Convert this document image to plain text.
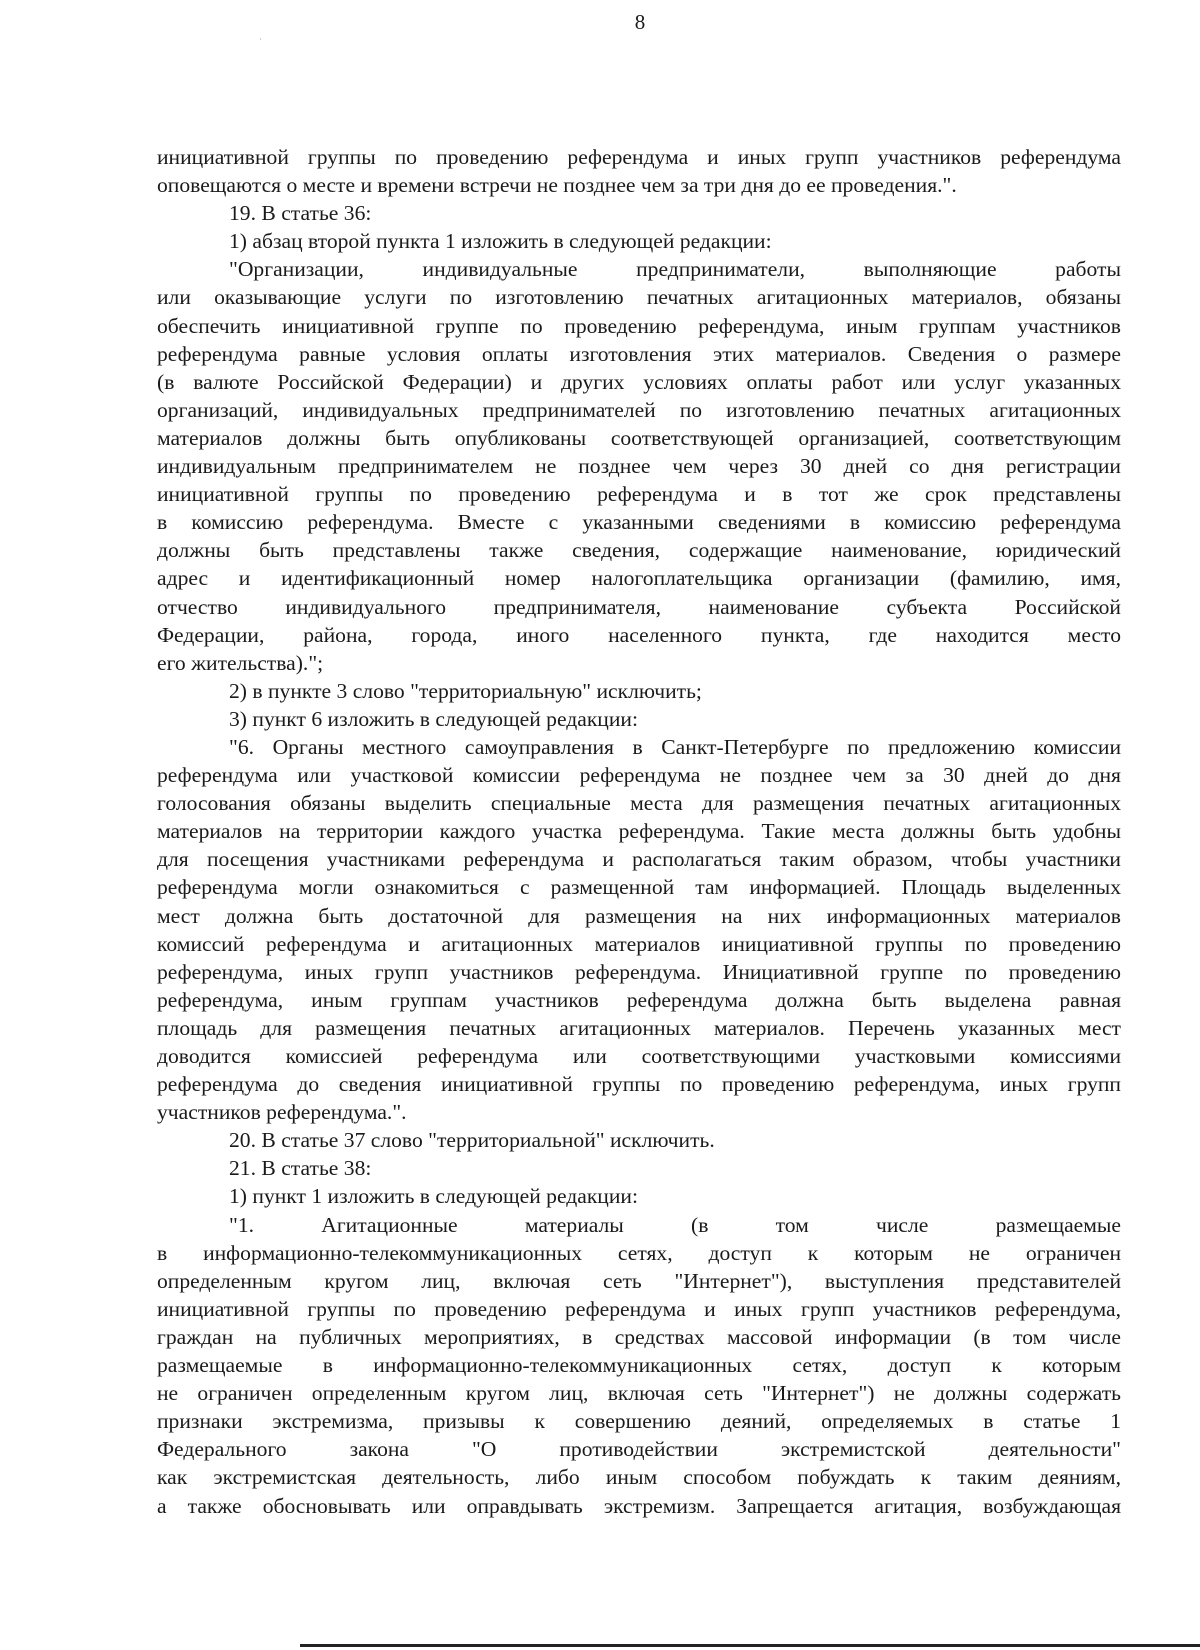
8
инициативной группы по проведению референдума и иных групп участников референдума
оповещаются о месте и времени встречи не позднее чем за три дня до ее проведения.".
19. В статье 36:
1) абзац второй пункта 1 изложить в следующей редакции:
"Организации, индивидуальные предприниматели, выполняющие работы
или оказывающие услуги по изготовлению печатных агитационных материалов, обязаны
обеспечить инициативной группе по проведению референдума, иным группам участников
референдума равные условия оплаты изготовления этих материалов. Сведения о размере
(в валюте Российской Федерации) и других условиях оплаты работ или услуг указанных
организаций, индивидуальных предпринимателей по изготовлению печатных агитационных
материалов должны быть опубликованы соответствующей организацией, соответствующим
индивидуальным предпринимателем не позднее чем через 30 дней со дня регистрации
инициативной группы по проведению референдума и в тот же срок представлены
в комиссию референдума. Вместе с указанными сведениями в комиссию референдума
должны быть представлены также сведения, содержащие наименование, юридический
адрес и идентификационный номер налогоплательщика организации (фамилию, имя,
отчество индивидуального предпринимателя, наименование субъекта Российской
Федерации, района, города, иного населенного пункта, где находится место
его жительства).";
2) в пункте 3 слово "территориальную" исключить;
3) пункт 6 изложить в следующей редакции:
"6. Органы местного самоуправления в Санкт-Петербурге по предложению комиссии
референдума или участковой комиссии референдума не позднее чем за 30 дней до дня
голосования обязаны выделить специальные места для размещения печатных агитационных
материалов на территории каждого участка референдума. Такие места должны быть удобны
для посещения участниками референдума и располагаться таким образом, чтобы участники
референдума могли ознакомиться с размещенной там информацией. Площадь выделенных
мест должна быть достаточной для размещения на них информационных материалов
комиссий референдума и агитационных материалов инициативной группы по проведению
референдума, иных групп участников референдума. Инициативной группе по проведению
референдума, иным группам участников референдума должна быть выделена равная
площадь для размещения печатных агитационных материалов. Перечень указанных мест
доводится комиссией референдума или соответствующими участковыми комиссиями
референдума до сведения инициативной группы по проведению референдума, иных групп
участников референдума.".
20. В статье 37 слово "территориальной" исключить.
21. В статье 38:
1) пункт 1 изложить в следующей редакции:
"1. Агитационные материалы (в том числе размещаемые
в информационно-телекоммуникационных сетях, доступ к которым не ограничен
определенным кругом лиц, включая сеть "Интернет"), выступления представителей
инициативной группы по проведению референдума и иных групп участников референдума,
граждан на публичных мероприятиях, в средствах массовой информации (в том числе
размещаемые в информационно-телекоммуникационных сетях, доступ к которым
не ограничен определенным кругом лиц, включая сеть "Интернет") не должны содержать
признаки экстремизма, призывы к совершению деяний, определяемых в статье 1
Федерального закона "О противодействии экстремистской деятельности"
как экстремистская деятельность, либо иным способом побуждать к таким деяниям,
а также обосновывать или оправдывать экстремизм. Запрещается агитация, возбуждающая
